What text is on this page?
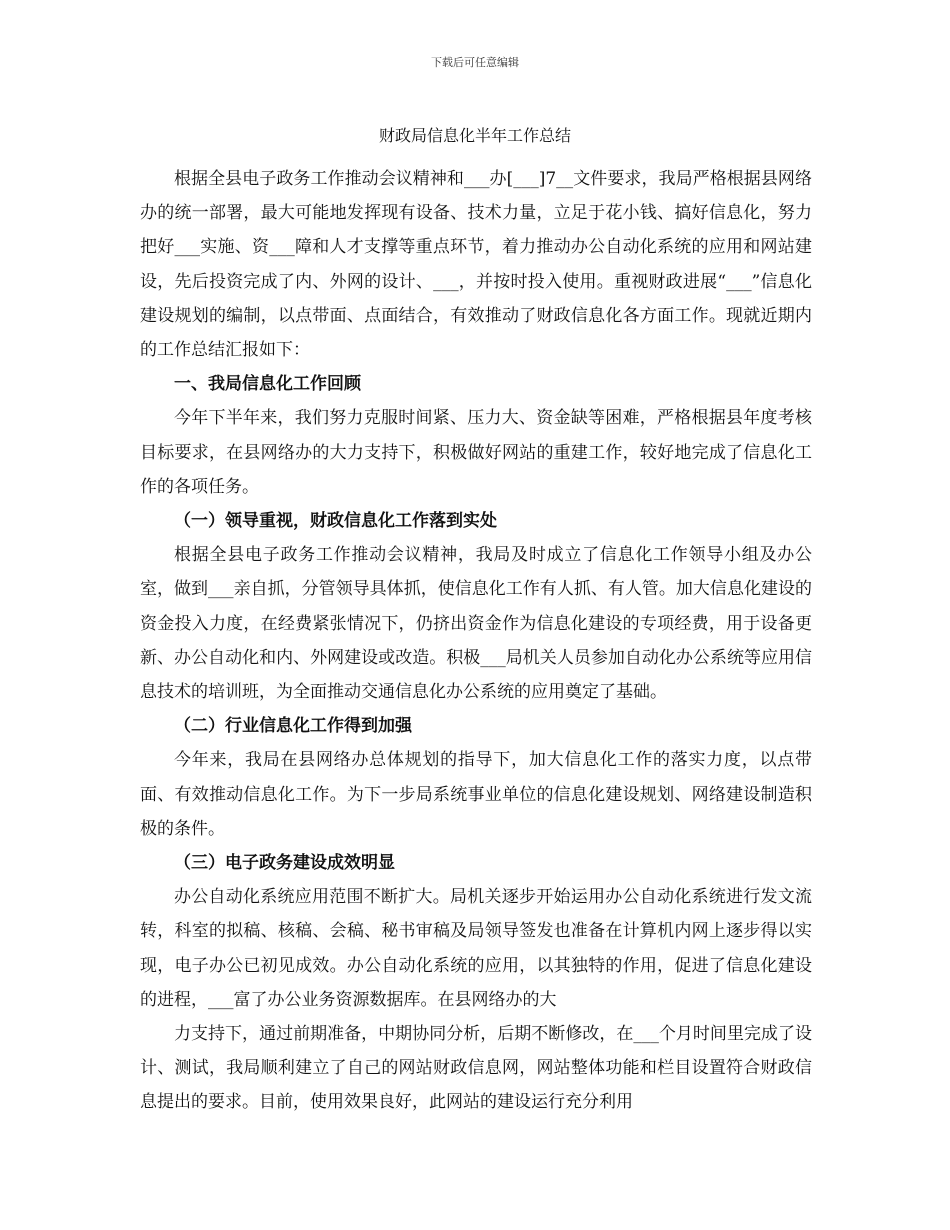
下载后可任意编辑
财政局信息化半年工作总结

根据全县电子政务工作推动会议精神和___办[___]7__文件要求，我局严格根据县网络办的统一部署，最大可能地发挥现有设备、技术力量，立足于花小钱、搞好信息化，努力把好___实施、资___障和人才支撑等重点环节，着力推动办公自动化系统的应用和网站建设，先后投资完成了内、外网的设计、___，并按时投入使用。重视财政进展“___”信息化建设规划的编制，以点带面、点面结合，有效推动了财政信息化各方面工作。现就近期内的工作总结汇报如下：

一、我局信息化工作回顾

今年下半年来，我们努力克服时间紧、压力大、资金缺等困难，严格根据县年度考核目标要求，在县网络办的大力支持下，积极做好网站的重建工作，较好地完成了信息化工作的各项任务。

（一）领导重视，财政信息化工作落到实处

根据全县电子政务工作推动会议精神，我局及时成立了信息化工作领导小组及办公室，做到___亲自抓，分管领导具体抓，使信息化工作有人抓、有人管。加大信息化建设的资金投入力度，在经费紧张情况下，仍挤出资金作为信息化建设的专项经费，用于设备更新、办公自动化和内、外网建设或改造。积极___局机关人员参加自动化办公系统等应用信息技术的培训班，为全面推动交通信息化办公系统的应用奠定了基础。

（二）行业信息化工作得到加强

今年来，我局在县网络办总体规划的指导下，加大信息化工作的落实力度，以点带面、有效推动信息化工作。为下一步局系统事业单位的信息化建设规划、网络建设制造积极的条件。

（三）电子政务建设成效明显

办公自动化系统应用范围不断扩大。局机关逐步开始运用办公自动化系统进行发文流转，科室的拟稿、核稿、会稿、秘书审稿及局领导签发也准备在计算机内网上逐步得以实现，电子办公已初见成效。办公自动化系统的应用，以其独特的作用，促进了信息化建设的进程，___富了办公业务资源数据库。在县网络办的大

力支持下，通过前期准备，中期协同分析，后期不断修改，在___个月时间里完成了设计、测试，我局顺利建立了自己的网站财政信息网，网站整体功能和栏目设置符合财政信息提出的要求。目前，使用效果良好，此网站的建设运行充分利用
